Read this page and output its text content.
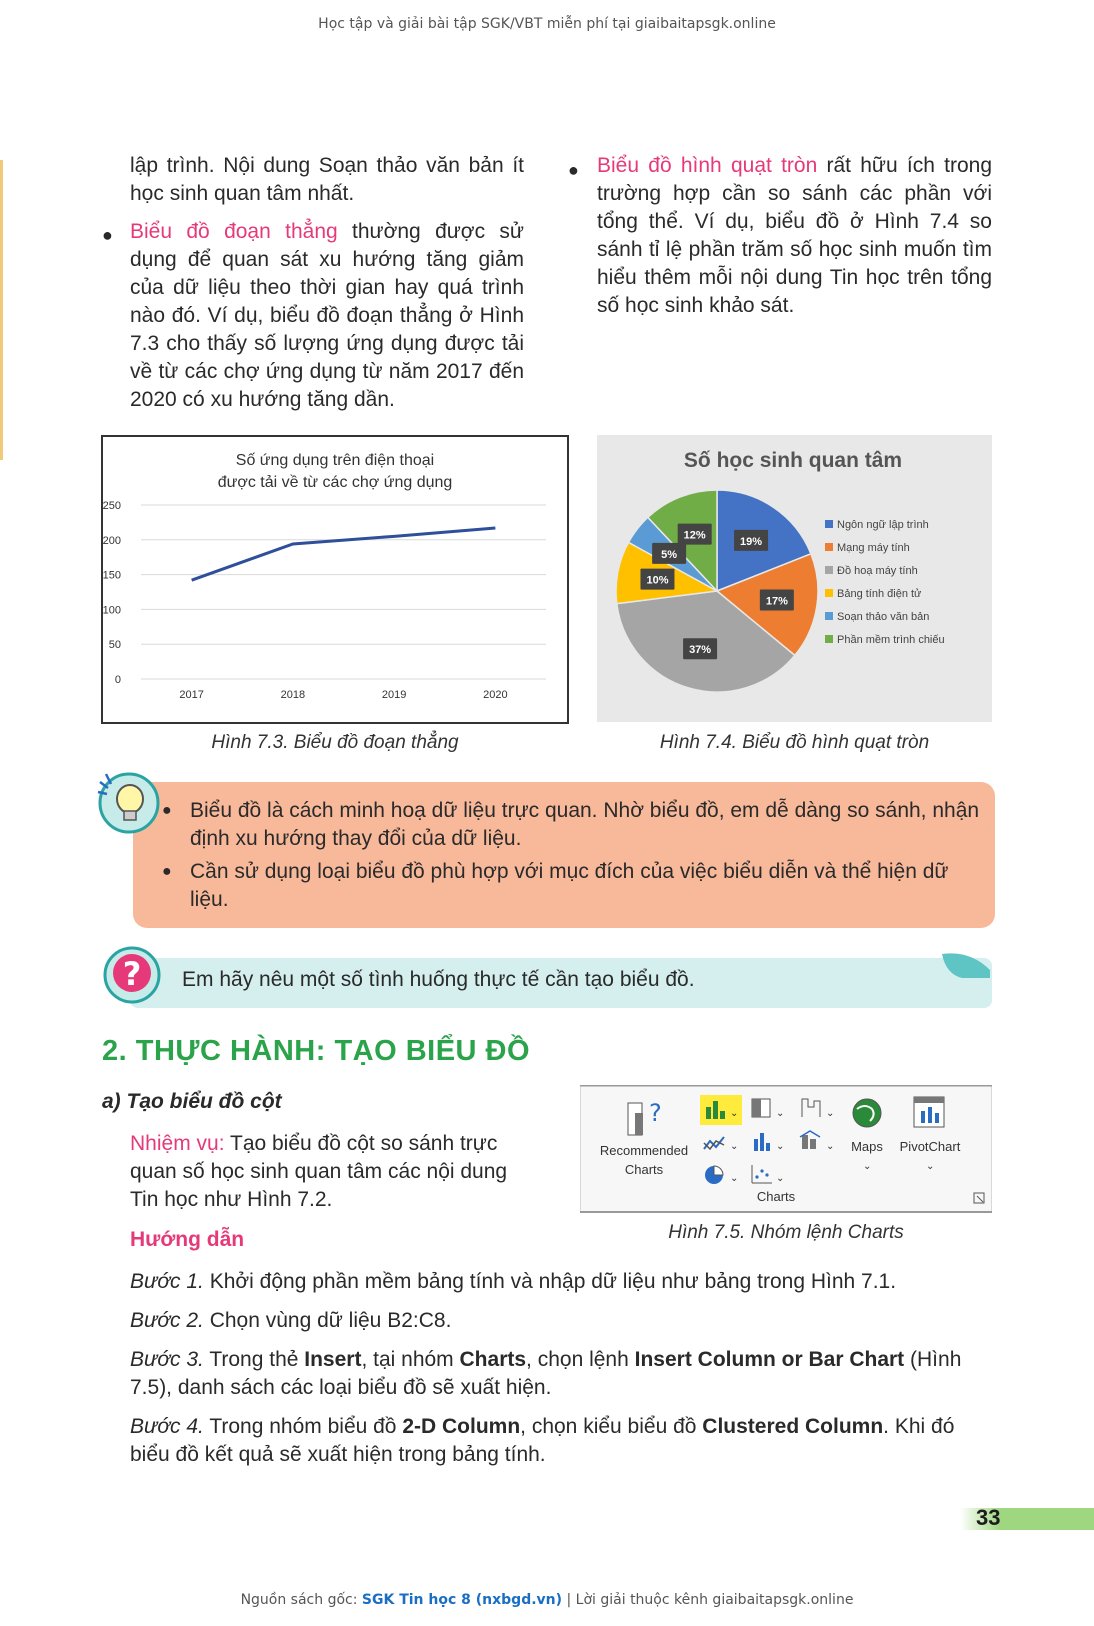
Học tập và giải bài tập SGK/VBT miễn phí tại giaibaitapsgk.online
lập trình. Nội dung Soạn thảo văn bản ít học sinh quan tâm nhất.
● Biểu đồ đoạn thẳng thường được sử dụng để quan sát xu hướng tăng giảm của dữ liệu theo thời gian hay quá trình nào đó. Ví dụ, biểu đồ đoạn thẳng ở Hình 7.3 cho thấy số lượng ứng dụng được tải về từ các chợ ứng dụng từ năm 2017 đến 2020 có xu hướng tăng dần.
● Biểu đồ hình quạt tròn rất hữu ích trong trường hợp cần so sánh các phần với tổng thể. Ví dụ, biểu đồ ở Hình 7.4 so sánh tỉ lệ phần trăm số học sinh muốn tìm hiểu thêm mỗi nội dung Tin học trên tổng số học sinh khảo sát.
Số ứng dụng trên điện thoại
được tải về từ các chợ ứng dụng
0
50
100
150
200
250
2017	2018	2019	2020
Số học sinh quan tâm
19%
17%
37%
10%
5%
12%
Ngôn ngữ lập trình
Mạng máy tính
Đồ hoạ máy tính
Bảng tính điện tử
Soạn thảo văn bản
Phần mềm trình chiếu
Hình 7.3. Biểu đồ đoạn thẳng	Hình 7.4. Biểu đồ hình quạt tròn
● Biểu đồ là cách minh hoạ dữ liệu trực quan. Nhờ biểu đồ, em dễ dàng so sánh, nhận định xu hướng thay đổi của dữ liệu.
● Cần sử dụng loại biểu đồ phù hợp với mục đích của việc biểu diễn và thể hiện dữ liệu.
Em hãy nêu một số tình huống thực tế cần tạo biểu đồ.
?
2. THỰC HÀNH: TẠO BIỂU ĐỒ
a) Tạo biểu đồ cột
Nhiệm vụ: Tạo biểu đồ cột so sánh trực quan số học sinh quan tâm các nội dung Tin học như Hình 7.2.
Hướng dẫn
?
Recommended
Charts
⌄
⌄
⌄
⌄
⌄
⌄
⌄
⌄ Maps
⌄
PivotChart
⌄
Charts
Hình 7.5. Nhóm lệnh Charts
Bước 1. Khởi động phần mềm bảng tính và nhập dữ liệu như bảng trong Hình 7.1.
Bước 2. Chọn vùng dữ liệu B2:C8.
Bước 3. Trong thẻ Insert, tại nhóm Charts, chọn lệnh Insert Column or Bar Chart (Hình 7.5), danh sách các loại biểu đồ sẽ xuất hiện.
Bước 4. Trong nhóm biểu đồ 2-D Column, chọn kiểu biểu đồ Clustered Column. Khi đó biểu đồ kết quả sẽ xuất hiện trong bảng tính.
33
Nguồn sách gốc: SGK Tin học 8 (nxbgd.vn) | Lời giải thuộc kênh giaibaitapsgk.online
